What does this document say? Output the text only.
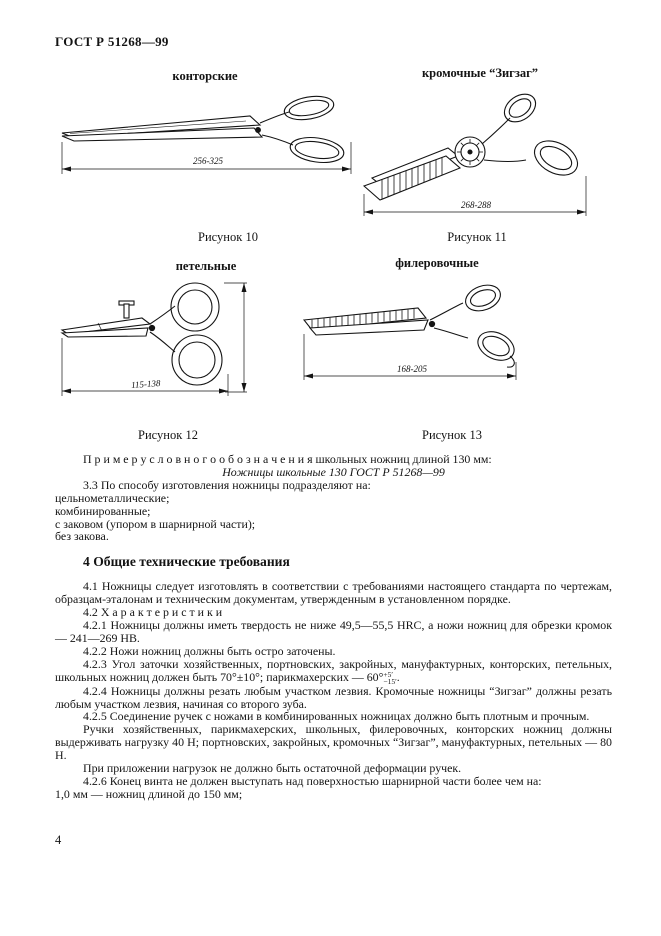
ГОСТ Р 51268—99
конторские	кромочные “Зигзаг”
256-325
268-288
Рисунок 10	Рисунок 11
петельные	филеровочные
115-138
168-205
Рисунок 12	Рисунок 13

П р и м е р у с л о в н о г о о б о з н а ч е н и я школьных ножниц длиной 130 мм:

Ножницы школьные 130 ГОСТ Р 51268—99

3.3 По способу изготовления ножницы подразделяют на:

цельнометаллические;

комбинированные;

с заковом (упором в шарнирной части);

без закова.

4 Общие технические требования

4.1 Ножницы следует изготовлять в соответствии с требованиями настоящего стандарта по чертежам, образцам-эталонам и техническим документам, утвержденным в установленном порядке.

4.2 Х а р а к т е р и с т и к и

4.2.1 Ножницы должны иметь твердость не ниже 49,5—55,5 HRC, а ножи ножниц для обрезки кромок — 241—269 НВ.

4.2.2 Ножи ножниц должны быть остро заточены.

4.2.3 Угол заточки хозяйственных, портновских, закройных, мануфактурных, конторских, петельных, школьных ножниц должен быть 70°±10°; парикмахерских — 60° +5′
−15′ .

4.2.4 Ножницы должны резать любым участком лезвия. Кромочные ножницы “Зигзаг” должны резать любым участком лезвия, начиная со второго зуба.

4.2.5 Соединение ручек с ножами в комбинированных ножницах должно быть плотным и прочным.

Ручки хозяйственных, парикмахерских, школьных, филеровочных, конторских ножниц должны выдерживать нагрузку 40 Н; портновских, закройных, кромочных “Зигзаг”, мануфактурных, петельных — 80 Н.

При приложении нагрузок не должно быть остаточной деформации ручек.

4.2.6 Конец винта не должен выступать над поверхностью шарнирной части более чем на:

1,0 мм — ножниц длиной до 150 мм;

4
